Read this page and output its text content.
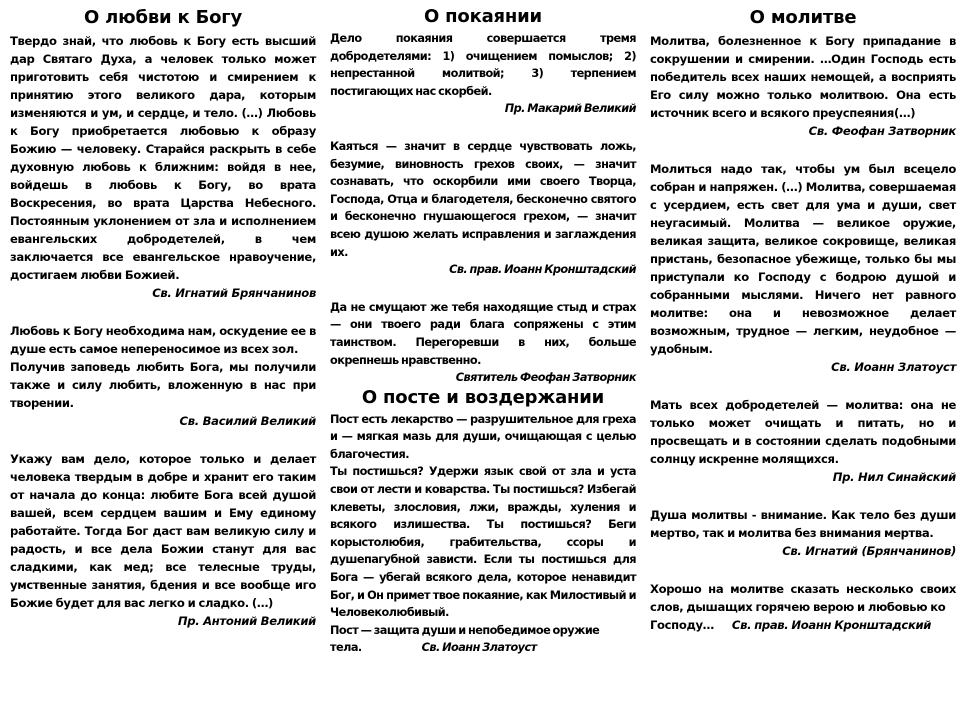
О любви к Богу

Твердо знай, что любовь к Богу есть высший дар Святаго Духа, а человек только может приготовить себя чистотою и смирением к принятию этого великого дара, которым изменяются и ум, и сердце, и тело. (…) Любовь к Богу приобретается любовью к образу Божию — человеку. Старайся раскрыть в себе духовную любовь к ближним: войдя в нее, войдешь в любовь к Богу, во врата Воскресения, во врата Царства Небесного. Постоянным уклонением от зла и исполнением евангельских добродетелей, в чем заключается все евангельское нравоучение, достигаем любви Божией.

Св. Игнатий Брянчанинов

Любовь к Богу необходима нам, оскудение ее в душе есть самое непереносимое из всех зол.

Получив заповедь любить Бога, мы получили также и силу любить, вложенную в нас при творении.

Св. Василий Великий

Укажу вам дело, которое только и делает человека твердым в добре и хранит его таким от начала до конца: любите Бога всей душой вашей, всем сердцем вашим и Ему единому работайте. Тогда Бог даст вам великую силу и радость, и все дела Божии станут для вас сладкими, как мед; все телесные труды, умственные занятия, бдения и все вообще иго Божие будет для вас легко и сладко. (…)

Пр. Антоний Великий
О покаянии

Дело покаяния совершается тремя добродетелями: 1) очищением помыслов; 2) непрестанной молитвой; 3) терпением постигающих нас скорбей.

Пр. Макарий Великий

Каяться — значит в сердце чувствовать ложь, безумие, виновность грехов своих, — значит сознавать, что оскорбили ими своего Творца, Господа, Отца и благодетеля, бесконечно святого и бесконечно гнушающегося грехом, — значит всею душою желать исправления и заглаждения их.

Св. прав. Иоанн Кронштадский

Да не смущают же тебя находящие стыд и страх — они твоего ради блага сопряжены с этим таинством. Перегоревши в них, больше окрепнешь нравственно.

Святитель Феофан Затворник
О посте и воздержании

Пост есть лекарство — разрушительное для греха и — мягкая мазь для души, очищающая с целью благочестия.

Ты постишься? Удержи язык свой от зла и уста свои от лести и коварства. Ты постишься? Избегай клеветы, злословия, лжи, вражды, хуления и всякого излишества. Ты постишься? Беги корыстолюбия, грабительства, ссоры и душепагубной зависти. Если ты постишься для Бога — убегай всякого дела, которое ненавидит Бог, и Он примет твое покаяние, как Милостивый и Человеколюбивый.

Пост — защита души и непобедимое оружие

тела.	Св. Иоанн Златоуст

О молитве

Молитва, болезненное к Богу припадание в сокрушении и смирении. …Один Господь есть победитель всех наших немощей, а восприять Его силу можно только молитвою. Она есть источник всего и всякого преуспеяния(…)

Св. Феофан Затворник

Молиться надо так, чтобы ум был всецело собран и напряжен. (…) Молитва, совершаемая с усердием, есть свет для ума и души, свет неугасимый. Молитва — великое оружие, великая защита, великое сокровище, великая пристань, безопасное убежище, только бы мы приступали ко Господу с бодрою душой и собранными мыслями. Ничего нет равного молитве: она и невозможное делает возможным, трудное — легким, неудобное — удобным.

Св. Иоанн Златоуст

Мать всех добродетелей — молитва: она не только может очищать и питать, но и просвещать и в состоянии сделать подобными солнцу искренне молящихся.

Пр. Нил Синайский

Душа молитвы - внимание. Как тело без души мертво, так и молитва без внимания мертва.

Св. Игнатий (Брянчанинов)

Хорошо на молитве сказать несколько своих слов, дышащих горячею верою и любовью ко

Господу… Св. прав. Иоанн Кронштадский
